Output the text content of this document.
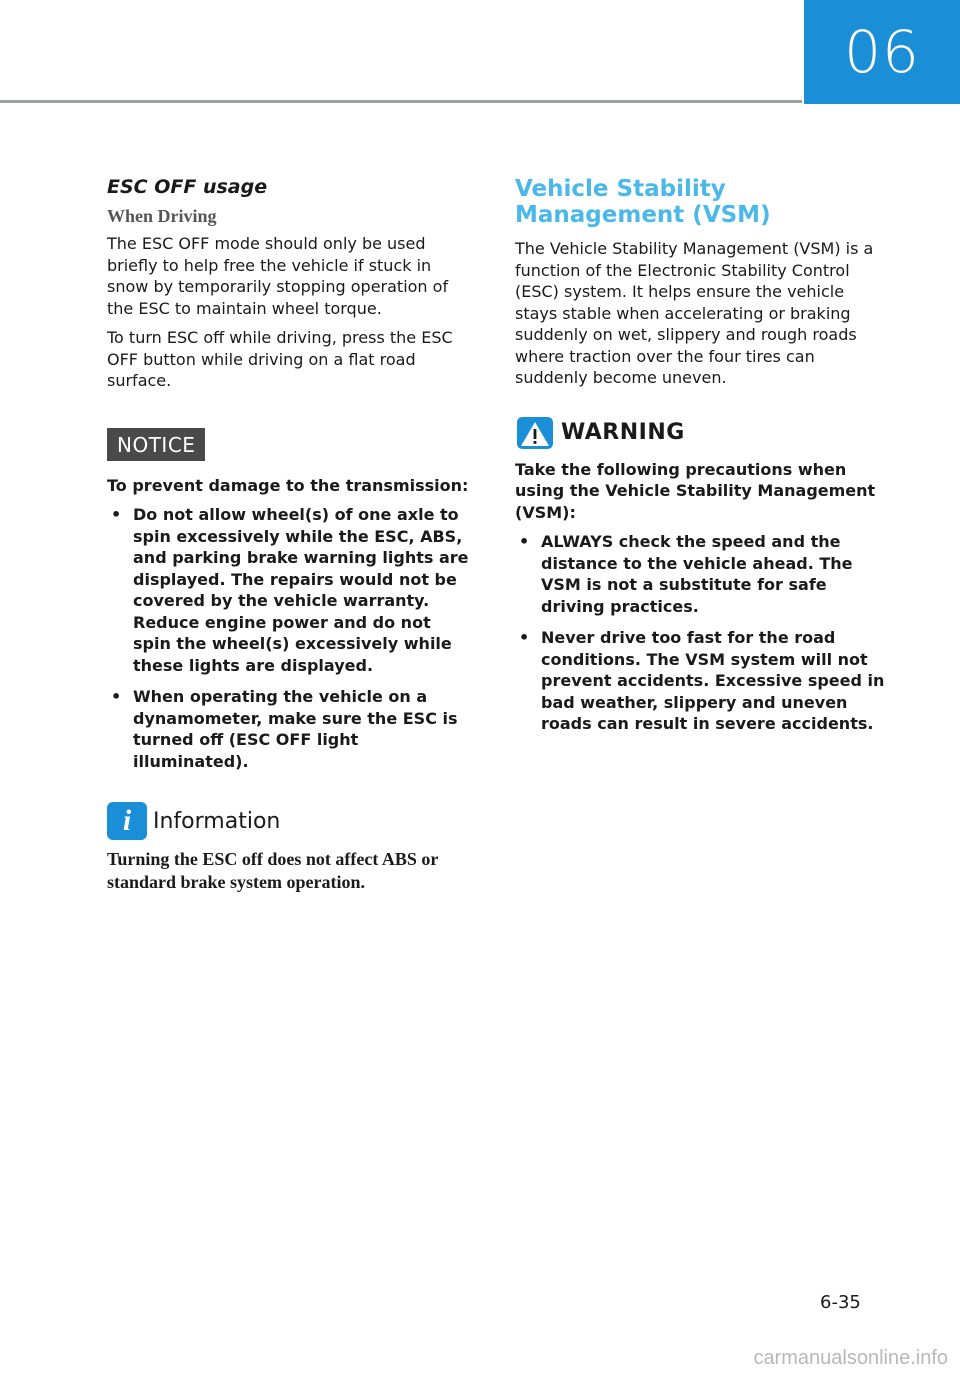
06

ESC OFF usage

When Driving

The ESC OFF mode should only be used briefly to help free the vehicle if stuck in snow by temporarily stopping operation of the ESC to maintain wheel torque.

To turn ESC off while driving, press the ESC OFF button while driving on a flat road surface.

NOTICE

To prevent damage to the transmission:

• Do not allow wheel(s) of one axle to spin excessively while the ESC, ABS, and parking brake warning lights are displayed. The repairs would not be covered by the vehicle warranty. Reduce engine power and do not spin the wheel(s) excessively while these lights are displayed.
• When operating the vehicle on a dynamometer, make sure the ESC is turned off (ESC OFF light illuminated).
i Information

Turning the ESC off does not affect ABS or standard brake system operation.

Vehicle Stability Management (VSM)

The Vehicle Stability Management (VSM) is a function of the Electronic Stability Control (ESC) system. It helps ensure the vehicle stays stable when accelerating or braking suddenly on wet, slippery and rough roads where traction over the four tires can suddenly become uneven.

WARNING

Take the following precautions when using the Vehicle Stability Management (VSM):

• ALWAYS check the speed and the distance to the vehicle ahead. The VSM is not a substitute for safe driving practices.
• Never drive too fast for the road conditions. The VSM system will not prevent accidents. Excessive speed in bad weather, slippery and uneven roads can result in severe accidents.
6-35
carmanualsonline.info
